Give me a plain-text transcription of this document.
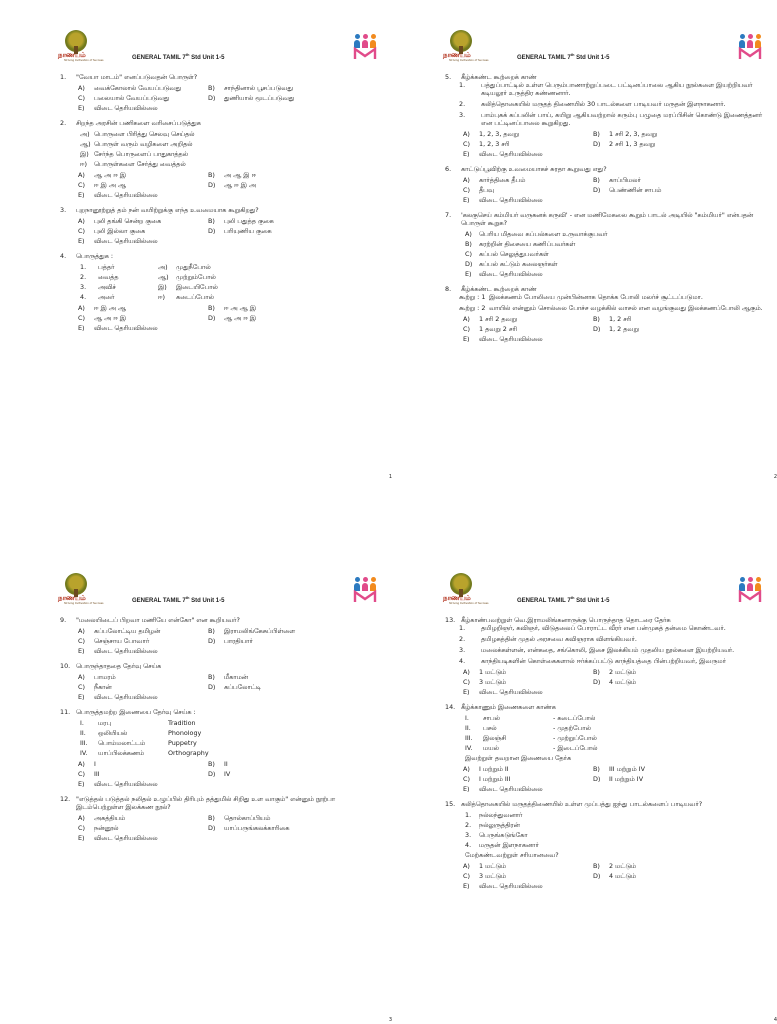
நாணயம்
Striving Cultivation of Success	GENERAL TAMIL 7th Std Unit 1-5
1.	"வேயா மாடம்" எனப்படுவதன் பொருள்?
A)	வைக்கோலால் வேயப்படுவது	B)	சாந்தினால் பூசப்படுவது
C)	பலையால் வேயப்படுவது	D)	துணியால் மூடப்படுவது
E)	விடை தெரியவில்லை
2.	சிறந்த அரசின் பணிகளை வரிசைப்படுத்துக
அ) பொருளை பிரித்து செலவு செய்தல்
ஆ) பொருள் வரும் வழிகளை அறிதல்
இ) சேர்ந்த பொருளைப் பாதுகாத்தல்
ஈ)	பொருள்களை சேர்த்து வைத்தல்
A)	ஆ அ ஈ இ	B)	அ ஆ இ ஈ
C)	ஈ இ அ ஆ	D)	ஆ ஈ இ அ
E)	விடை தெரியவில்லை
3.	புறநானூற்றுத் தம் நன் வயிற்றுக்கு எந்த உவமையாக கூறுகிறது?
A)	புலி தங்கி சென்ற குகை	B)	புலி பதுத்த குகை
C)	புலி இல்லா குகை	D)	பரியுணிய குகை
E)	விடை தெரியவில்லை
4.	பொருத்துக :
1.	பத்தர்	அ)	முதுநீபோல்
2.	வைத்த	ஆ)	முற்றும்போல்
3.	அவிச்	இ)	இடையிபோல்
4.	அரை்	ஈ)	கடைப்போல்
A)	ஈ இ அ ஆ	B)	ஈ அ ஆ இ
C)	ஆ அ ஈ இ	D)	ஆ அ ஈ இ
E)	விடை தெரியவில்லை
1
நாணயம்
Striving Cultivation of Success	GENERAL TAMIL 7th Std Unit 1-5
5.	கீழ்க்கண்ட கூற்றைக் காண்
1.	பத்துப்பாட்டில் உள்ள பெரும்பாணாற்றுப்படை பட்டினப்பாலை ஆகிய நூல்களை இயற்றியவர் கடியலூர் உருத்திர கண்ணனார்.
2.	கலித்தொகையில் மருதத் திணையில் 30 பாடல்களை பாடியவர் மருதன் இளநாகனார்.
3.	பாம்புகக் கப்பலின் பாய், கயிறு ஆகியவற்றால் கரும்பு பழுதை மரப்பிசின் கொண்டு இணைத்தனர் என பட்டினப்பாலை கூறுகிறது.
A)	1, 2, 3, தவறு	B)	1 சரி 2, 3, தவறு
C)	1, 2, 3 சரி	D)	2 சரி 1, 3 தவறு
E)	விடை தெரியவில்லை
6.	காட்டுப்பூவிற்கு உவமையாகச் சுரதா கூறுவது எது?
A)	கார்த்திகை தீபம்	B)	காப்பிமலர்
C)	தீபவு	D)	பெண்ணின் சாபம்
E)	விடை தெரியவில்லை
7.	'கலகுசெய் கம்மியர் வருகனக் கருவி' - என மணிமேகலை கூறும் பாடல் அடியில் "கம்மியர்" என்பதன் பொருள் கூறுக?
A)	பெரிய மிதவை கப்பல்களை உருவாக்குபவர்
B)	கரற்றின் திசையை கணிப்பவர்கள்
C)	கப்பல் செலுத்துபவர்கள்
D)	கப்பல் கட்டும் கலைஞர்கள்
E)	விடை தெரியவில்லை
8.	கீழ்க்கண்ட கூற்றைக் காண்
கூற்று : 1 இலக்கணம் போலியை முன்பின்னாக தொக்க போலி மலர்ச் சூட்டப்படுமா.
கூற்று : 2 வாயில் என்னும் சொல்லை போச்ச வழக்கில் வாசல் என வழங்குவது இலக்கணப்போலி ஆகும்.
A)	1 சரி 2 தவறு	B)	1, 2 சரி
C)	1 தவறு 2 சரி	D)	1, 2 தவறு
E)	விடை தெரியவில்லை
2
நாணயம்
Striving Cultivation of Success	GENERAL TAMIL 7th Std Unit 1-5
9.	"மலையிடைப் பிறவா மணியே என்கோ" என கூறியவர்?
A)	கப்பலோட்டிய தமிழன்	B)	இராமலிங்கேசுப்பிள்ளை
C)	செஞ்சாய போவார்	D)	பாரதியார்
E)	விடை தெரியவில்லை
10. பொருந்தாததை தேர்வு செய்க
A)	பாமரம்	B)	மீகாமன்
C)	நீகான்	D)	கப்பலோட்டி
E)	விடை தெரியவில்லை
11. பொருத்தமற்ற இணையை தேர்வு செய்க :
I.	மரபு	Tradition
II.	ஒலியியல்	Phonology
III.	பொம்மலாட்டம்	Puppetry
IV.	யாப்பிலக்கணம்	Orthography
A)	I	B)	II
C)	III	D)	IV
E)	விடை தெரியவில்லை
12. "எடுத்தல் படுத்தல் நலிதல் உழுப்பில் திரிபும் தத்துமில் சிறிது உள வாகும்" என்னும் நூற்பா இடம்பெற்றுள்ள இலக்கண நூல்?
A)	அகத்தியம்	B)	தொல்காப்பியம்
C)	நன்னூல்	D)	யாப்பருங்கலக்காரிகை
E)	விடை தெரியவில்லை
3
நாணயம்
Striving Cultivation of Success	GENERAL TAMIL 7th Std Unit 1-5
13. கீழ்காண்பவற்றுள் வெ.இராமலிங்கனாருக்கு பொருந்தாத தொடரை தேர்க
1.	தமிழறிஞர், கவிஞர், விடுதலைப் போராட்ட வீரர் என பன்முகத் தன்மை கொண்டவர்.
2.	தமிழகத்தின் முதல் அரசவை கவிஞராக விளங்கியவர்.
3.	மலைக்கள்ளன், என்கதை, சங்கொலி, இசை இலக்கியம் முதலிய நூல்களை இயற்றியவர்.
4.	காந்தியடிகளின் கொள்கைகளால் ஈர்க்கப்பட்டு காந்தியத்தை பின்பற்றியவர், இவருமர்
A)	1 மட்டும்	B)	2 மட்டும்
C)	3 மட்டும்	D)	4 மட்டும்
E)	விடை தெரியவில்லை
14. கீழ்க்காணும் இணைகளை காண்க
I.	சாபல்	- கடைப்போல்
II.	பசல்	- முதற்போல்
III.	இலஞ்சி	- முற்றுப்போல்
IV.	மயல்	- இடைப்போல்
இவற்றுள் தவறான இணையை தேர்க
A)	I மற்றும் II	B)	III மற்றும் IV
C)	I மற்றும் III	D)	II மற்றும் IV
E)	விடை தெரியவில்லை
15. கலித்தொகையில் மருதத்திணையில் உள்ள முப்பத்து ஐந்து பாடல்களைப் பாடியவர்?
1.	நல்லந்துவனார்
2.	நல்லுருத்திரன்
3.	பெருங்கடுங்கோ
4.	மருதன் இளநாகனார்
மேற்கண்டவற்றுள் சரியானவை?
A)	1 மட்டும்	B)	2 மட்டும்
C)	3 மட்டும்	D)	4 மட்டும்
E)	விடை தெரியவில்லை
4
